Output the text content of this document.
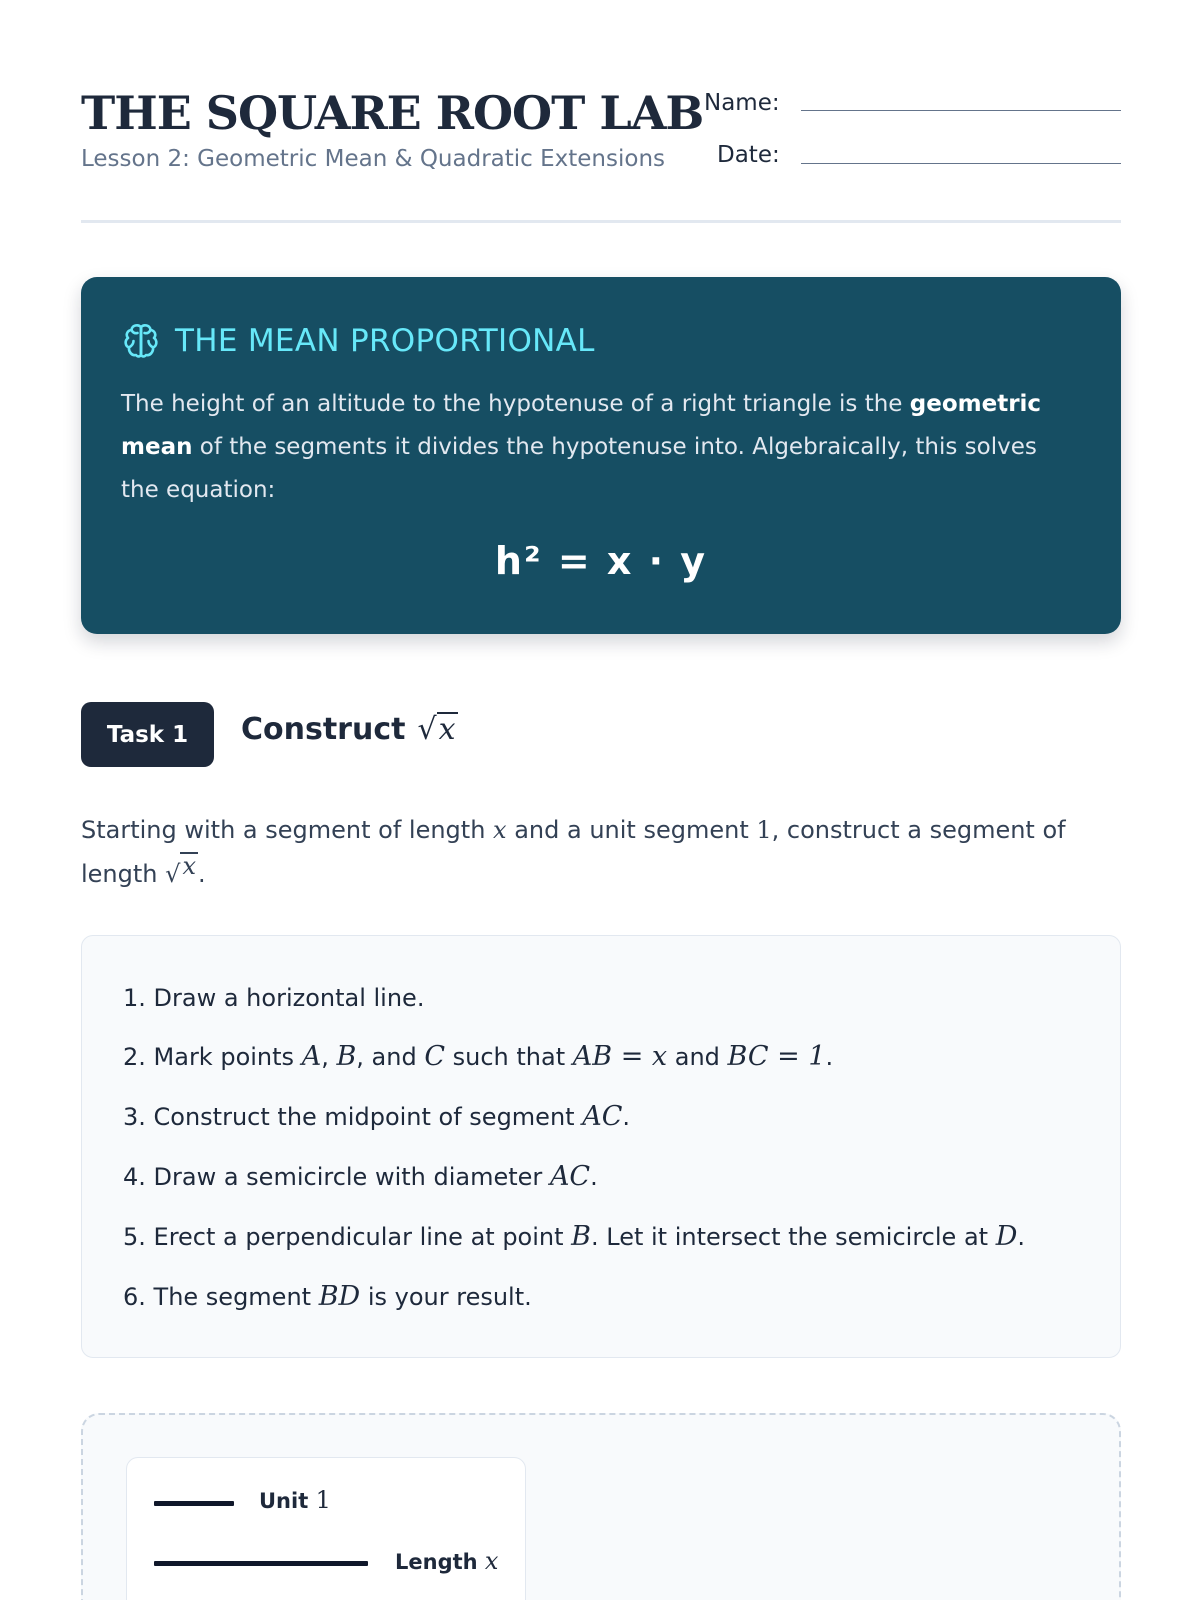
THE SQUARE ROOT LAB
Lesson 2: Geometric Mean & Quadratic Extensions
Name:
Date:
THE MEAN PROPORTIONAL
The height of an altitude to the hypotenuse of a right triangle is the geometric mean of the segments it divides the hypotenuse into. Algebraically, this solves the equation:
h² = x · y
Task 1	Construct √ x
Starting with a segment of length x and a unit segment 1, construct a segment of length √ x .
1. Draw a horizontal line.
2. Mark points A, B, and C such that AB = x and BC = 1.
3. Construct the midpoint of segment AC.
4. Draw a semicircle with diameter AC.
5. Erect a perpendicular line at point B. Let it intersect the semicircle at D.
6. The segment BD is your result.
Unit 1
Length x
